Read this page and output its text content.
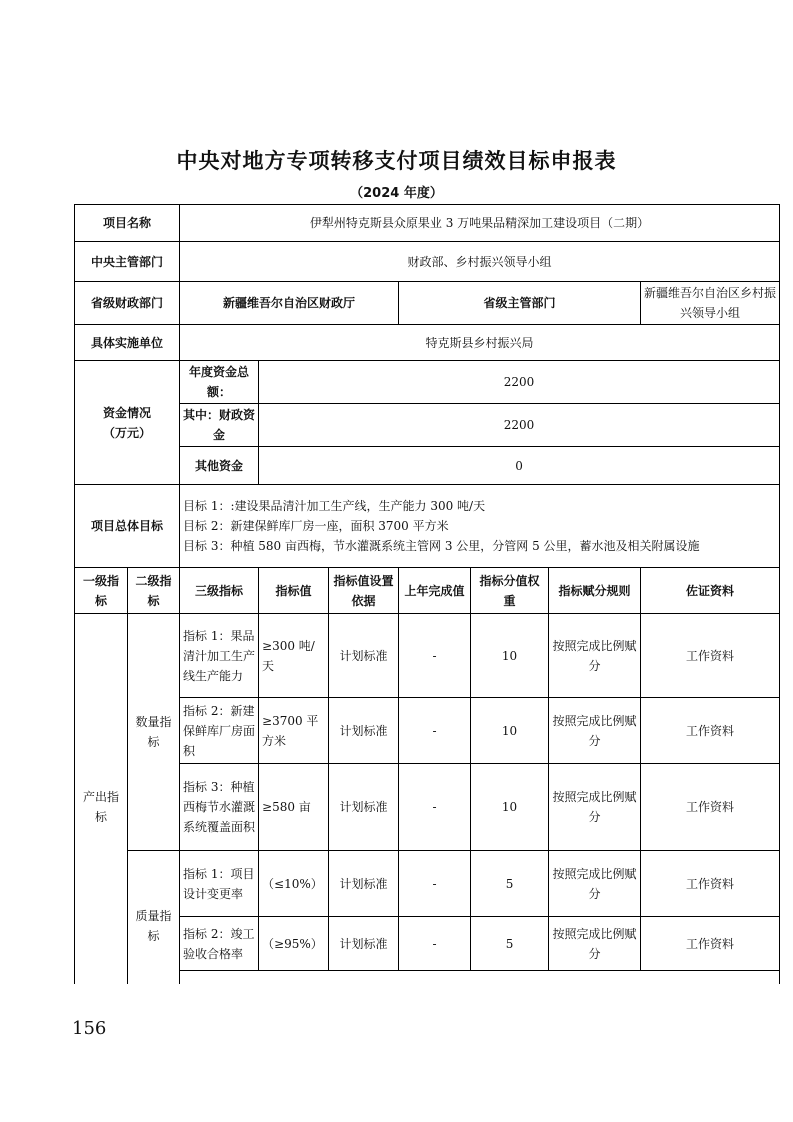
中央对地方专项转移支付项目绩效目标申报表
（2024 年度）
项目名称		伊犁州特克斯县众原果业 3 万吨果品精深加工建设项目（二期）						
中央主管部门		财政部、乡村振兴领导小组						
省级财政部门		新疆维吾尔自治区财政厅			省级主管部门			新疆维吾尔自治区乡村振兴领导小组
具体实施单位		特克斯县乡村振兴局						

资金情况
（万元）		年度资金总额：	2200					
		其中：财政资金	2200					
		其他资金	0					
项目总体目标		目标 1：:建设果品清汁加工生产线，生产能力 300 吨/天
目标 2：新建保鲜库厂房一座，面积 3700 平方米
目标 3：种植 580 亩西梅，节水灌溉系统主管网 3 公里，分管网 5 公里，蓄水池及相关附属设施						

一级指标	二级指标	三级指标	指标值	指标值设置依据	上年完成值	指标分值权重	指标赋分规则	佐证资料
产出指标	数量指标	指标 1：果品清汁加工生产线生产能力	≥300 吨/天	计划标准	-	10	按照完成比例赋分	工作资料
		指标 2：新建保鲜库厂房面积	≥3700 平方米	计划标准	-	10	按照完成比例赋分	工作资料
		指标 3：种植西梅节水灌溉系统覆盖面积	≥580 亩	计划标准	-	10	按照完成比例赋分	工作资料
	质量指标	指标 1：项目设计变更率	（≤10%）	计划标准	-	5	按照完成比例赋分	工作资料
		指标 2：竣工验收合格率	（≥95%）	计划标准	-	5	按照完成比例赋分	工作资料

156
